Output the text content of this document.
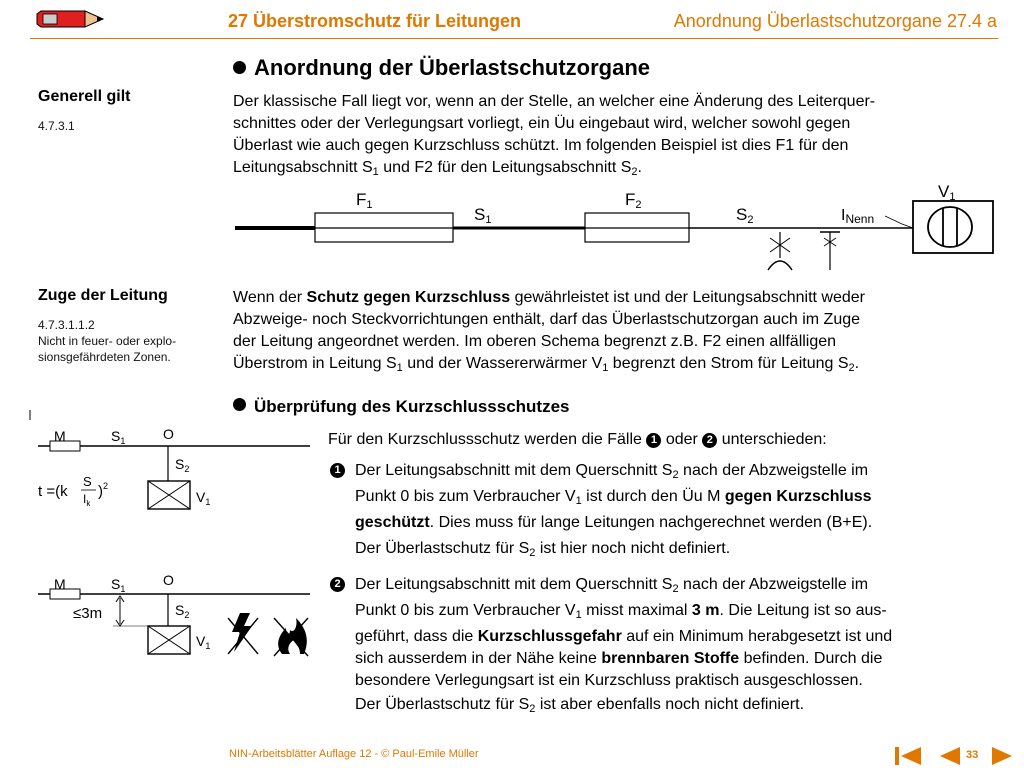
27 Überstromschutz für Leitungen	Anordnung Überlastschutzorgane 27.4 a
Anordnung der Überlastschutzorgane
Generell gilt
4.7.3.1
Zuge der Leitung
4.7.3.1.1.2
Nicht in feuer- oder explo-
sionsgefährdeten Zonen.
Der klassische Fall liegt vor, wenn an der Stelle, an welcher eine Änderung des Leiterquer-
schnittes oder der Verlegungsart vorliegt, ein Üu eingebaut wird, welcher sowohl gegen
Überlast wie auch gegen Kurzschluss schützt. Im folgenden Beispiel ist dies F1 für den
Leitungsabschnitt $S_1$ und F2 für den Leitungsabschnitt $S_2$.
F1	S1
F2	S2
V1
INenn
Wenn der Schutz gegen Kurzschluss gewährleistet ist und der Leitungsabschnitt weder
Abzweige- noch Steckvorrichtungen enthält, darf das Überlastschutzorgan auch im Zuge
der Leitung angeordnet werden. Im oberen Schema begrenzt z.B. F2 einen allfälligen
Überstrom in Leitung $S_1$ und der Wassererwärmer $V_1$ begrenzt den Strom für Leitung $S_2$.
Überprüfung des Kurzschlussschutzes
M	$S_1$	O
$S_2$
$V_1$
t =(k
S
$I_k$
)$^2$
M	$S_1$
O
$S_2$
$V_1$
≤3m
Für den Kurzschlussschutz werden die Fälle 1 oder 2 unterschieden:
1 Der Leitungsabschnitt mit dem Querschnitt $S_2$ nach der Abzweigstelle im
Punkt 0 bis zum Verbraucher $V_1$ ist durch den Üu M gegen Kurzschluss
geschützt. Dies muss für lange Leitungen nachgerechnet werden (B+E).
Der Überlastschutz für $S_2$ ist hier noch nicht definiert.
2 Der Leitungsabschnitt mit dem Querschnitt $S_2$ nach der Abzweigstelle im
Punkt 0 bis zum Verbraucher $V_1$ misst maximal 3 m. Die Leitung ist so aus-
geführt, dass die Kurzschlussgefahr auf ein Minimum herabgesetzt ist und
sich ausserdem in der Nähe keine brennbaren Stoffe befinden. Durch die
besondere Verlegungsart ist ein Kurzschluss praktisch ausgeschlossen.
Der Überlastschutz für $S_2$ ist aber ebenfalls noch nicht definiert.
NIN-Arbeitsblätter Auflage 12 - © Paul-Emile Müller	33
